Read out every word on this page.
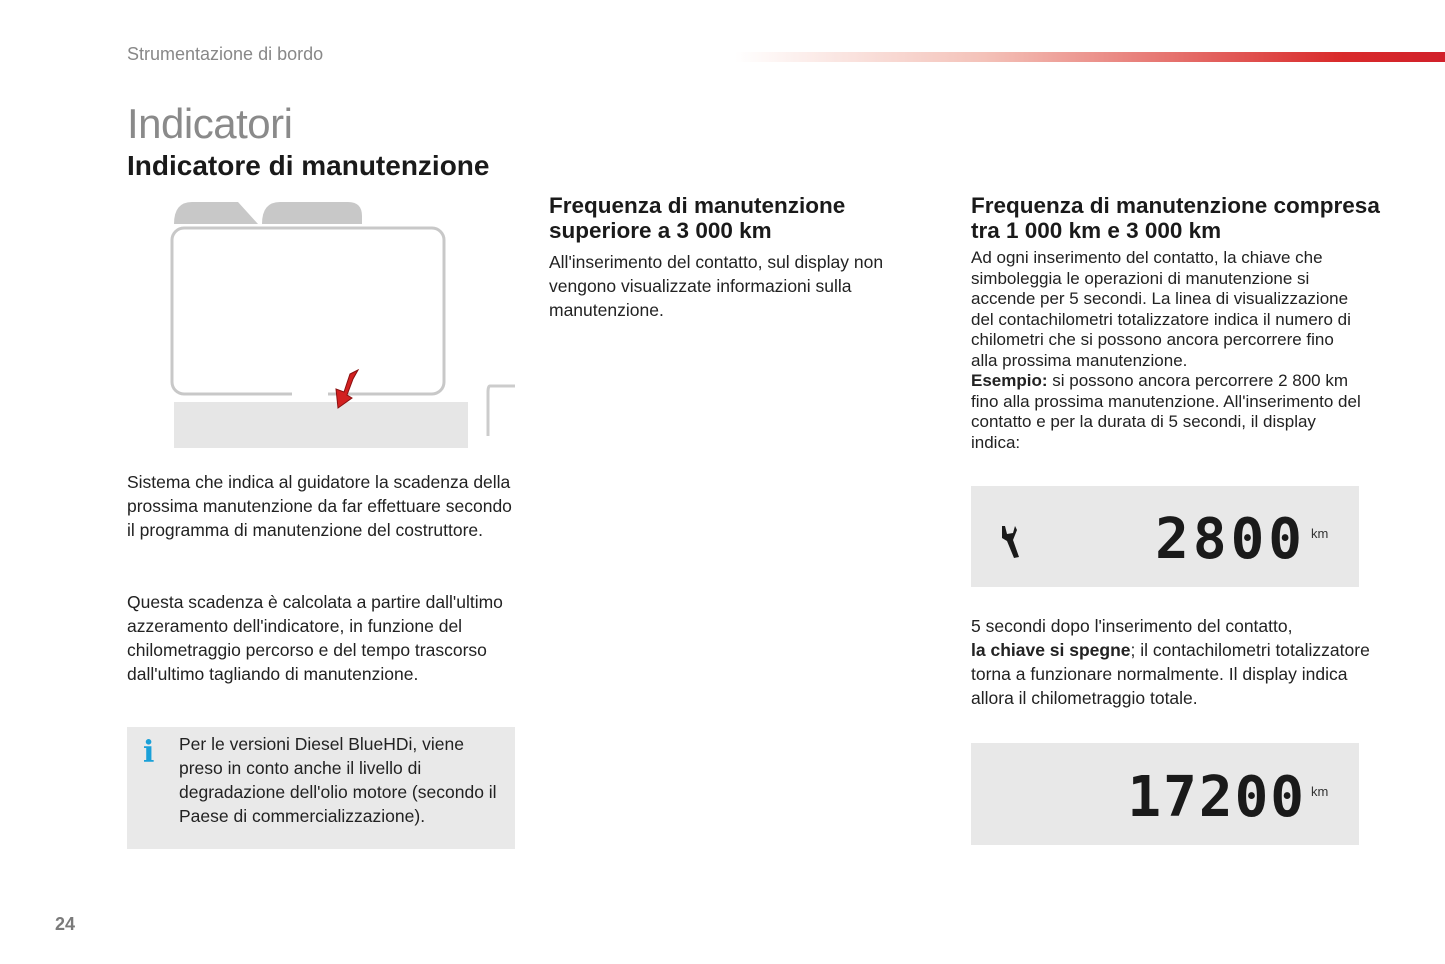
Strumentazione di bordo
Indicatori
Indicatore di manutenzione
Sistema che indica al guidatore la scadenza della prossima manutenzione da far effettuare secondo il programma di manutenzione del costruttore.
Questa scadenza è calcolata a partire dall'ultimo azzeramento dell'indicatore, in funzione del chilometraggio percorso e del tempo trascorso dall'ultimo tagliando di manutenzione.
i Per le versioni Diesel BlueHDi, viene preso in conto anche il livello di degradazione dell'olio motore (secondo il Paese di commercializzazione).
Frequenza di manutenzione superiore a 3 000 km
All'inserimento del contatto, sul display non vengono visualizzate informazioni sulla manutenzione.
Frequenza di manutenzione compresa tra 1 000 km e 3 000 km
Ad ogni inserimento del contatto, la chiave che simboleggia le operazioni di manutenzione si accende per 5 secondi. La linea di visualizzazione del contachilometri totalizzatore indica il numero di chilometri che si possono ancora percorrere fino alla prossima manutenzione.
Esempio: si possono ancora percorrere 2 800 km fino alla prossima manutenzione. All'inserimento del contatto e per la durata di 5 secondi, il display indica:
2800 km
5 secondi dopo l'inserimento del contatto,
la chiave si spegne; il contachilometri totalizzatore torna a funzionare normalmente. Il display indica allora il chilometraggio totale.
17200 km
24
